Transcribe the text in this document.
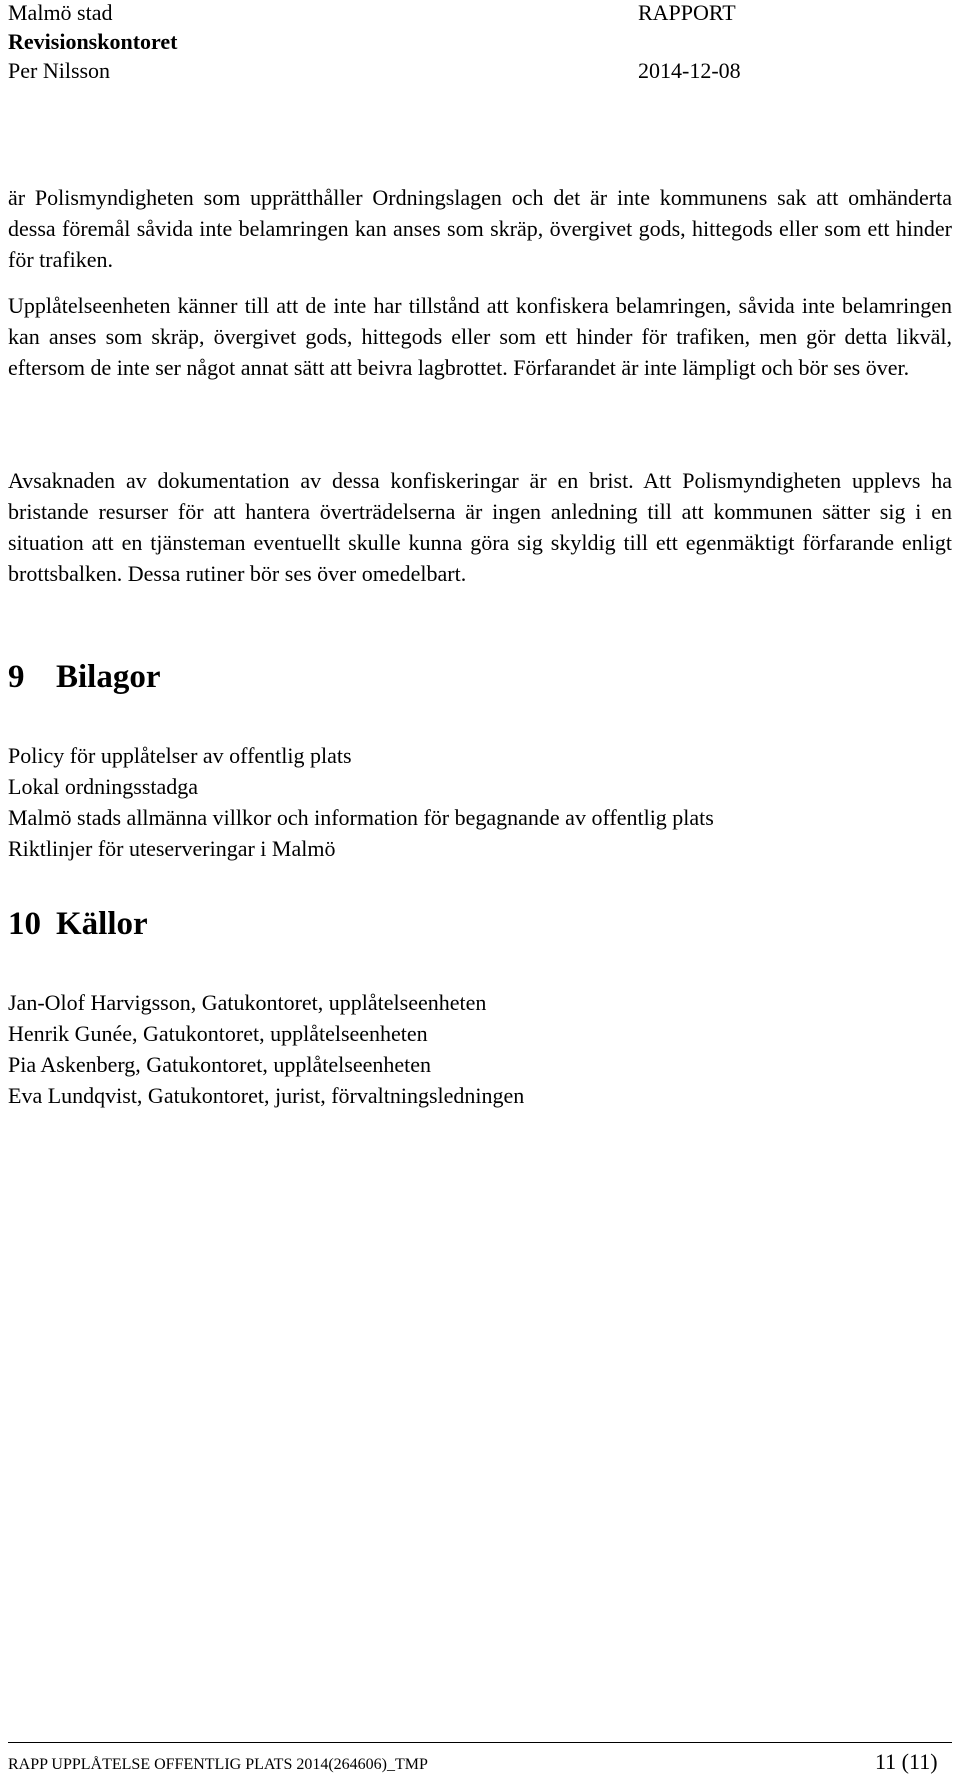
Malmö stad	RAPPORT
Revisionskontoret
Per Nilsson	2014-12-08

är Polismyndigheten som upprätthåller Ordningslagen och det är inte kommunens sak att omhänderta dessa föremål såvida inte belamringen kan anses som skräp, övergivet gods, hittegods eller som ett hinder för trafiken.

Upplåtelseenheten känner till att de inte har tillstånd att konfiskera belamringen, såvida inte belamringen kan anses som skräp, övergivet gods, hittegods eller som ett hinder för trafiken, men gör detta likväl, eftersom de inte ser något annat sätt att beivra lagbrottet. Förfarandet är inte lämpligt och bör ses över.

Avsaknaden av dokumentation av dessa konfiskeringar är en brist. Att Polismyndigheten upplevs ha bristande resurser för att hantera överträdelserna är ingen anledning till att kommunen sätter sig i en situation att en tjänsteman eventuellt skulle kunna göra sig skyldig till ett egenmäktigt förfarande enligt brottsbalken. Dessa rutiner bör ses över omedelbart.

9 Bilagor
Policy för upplåtelser av offentlig plats
Lokal ordningsstadga
Malmö stads allmänna villkor och information för begagnande av offentlig plats
Riktlinjer för uteserveringar i Malmö
10 Källor
Jan-Olof Harvigsson, Gatukontoret, upplåtelseenheten
Henrik Gunée, Gatukontoret, upplåtelseenheten
Pia Askenberg, Gatukontoret, upplåtelseenheten
Eva Lundqvist, Gatukontoret, jurist, förvaltningsledningen
RAPP UPPLÅTELSE OFFENTLIG PLATS 2014(264606)_TMP	11 (11)
